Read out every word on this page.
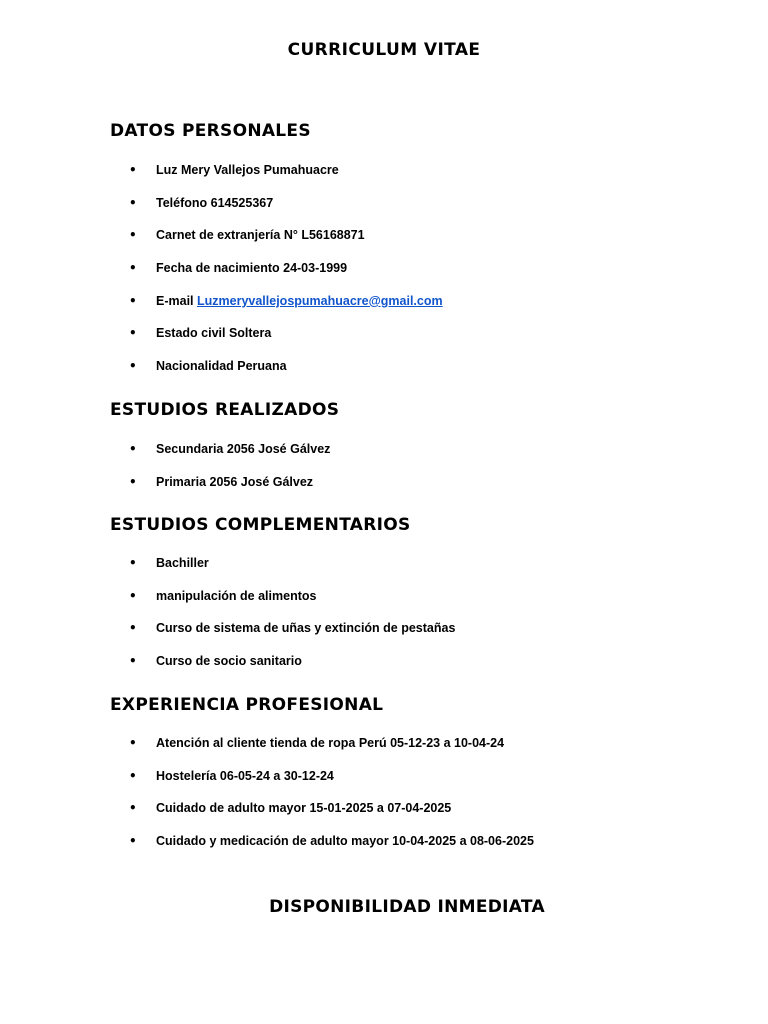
CURRICULUM VITAE
DATOS PERSONALES
• Luz Mery Vallejos Pumahuacre
• Teléfono 614525367
• Carnet de extranjería N° L56168871
• Fecha de nacimiento 24-03-1999
• E-mail Luzmeryvallejospumahuacre@gmail.com
• Estado civil Soltera
• Nacionalidad Peruana
ESTUDIOS REALIZADOS
• Secundaria 2056 José Gálvez
• Primaria 2056 José Gálvez
ESTUDIOS COMPLEMENTARIOS
• Bachiller
• manipulación de alimentos
• Curso de sistema de uñas y extinción de pestañas
• Curso de socio sanitario
EXPERIENCIA PROFESIONAL
• Atención al cliente tienda de ropa Perú 05-12-23 a 10-04-24
• Hostelería 06-05-24 a 30-12-24
• Cuidado de adulto mayor 15-01-2025 a 07-04-2025
• Cuidado y medicación de adulto mayor 10-04-2025 a 08-06-2025
DISPONIBILIDAD INMEDIATA
